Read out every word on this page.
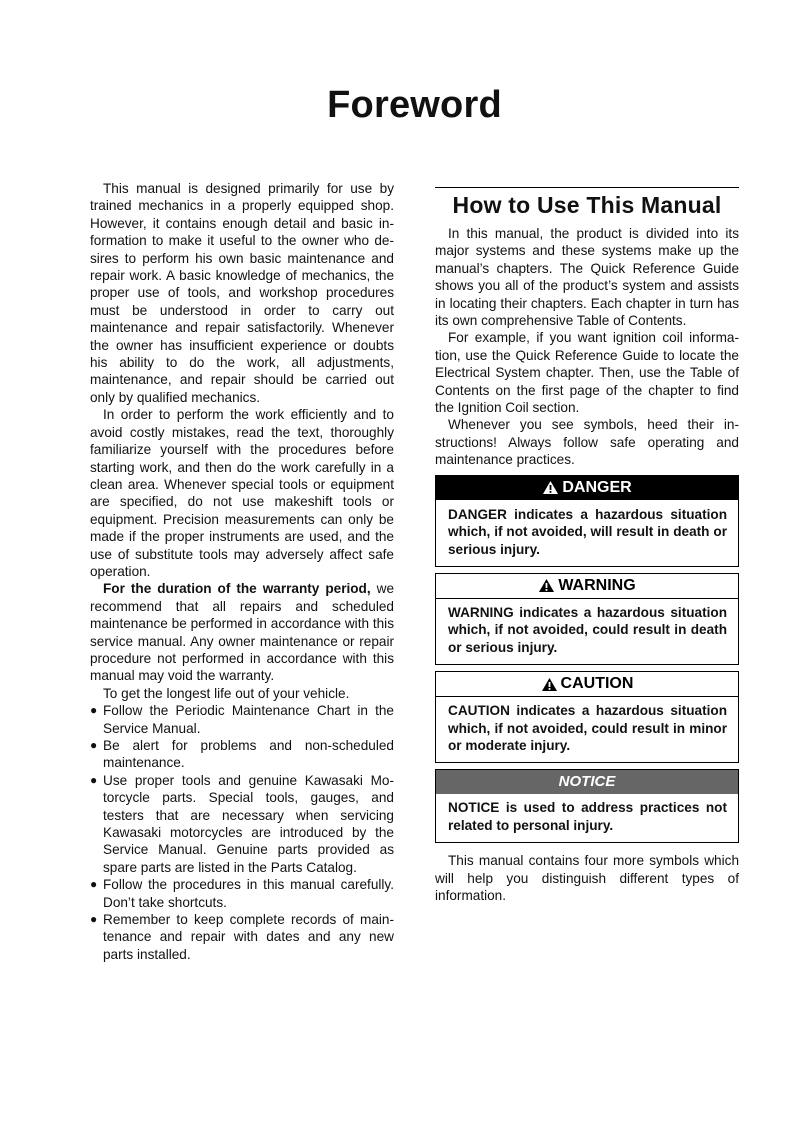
Foreword

This manual is designed primarily for use by trained mechanics in a properly equipped shop. However, it contains enough detail and basic information to make it useful to the owner who desires to perform his own basic maintenance and repair work. A basic knowledge of mechanics, the proper use of tools, and workshop procedures must be understood in order to carry out maintenance and repair satisfactorily. Whenever the owner has insufficient experience or doubts his ability to do the work, all adjustments, maintenance, and repair should be carried out only by qualified mechanics.

In order to perform the work efficiently and to avoid costly mistakes, read the text, thoroughly familiarize yourself with the procedures before starting work, and then do the work carefully in a clean area. Whenever special tools or equipment are specified, do not use makeshift tools or equipment. Precision measurements can only be made if the proper instruments are used, and the use of substitute tools may adversely affect safe operation.

For the duration of the warranty period, we recommend that all repairs and scheduled maintenance be performed in accordance with this service manual. Any owner maintenance or repair procedure not performed in accordance with this manual may void the warranty.

To get the longest life out of your vehicle.

● Follow the Periodic Maintenance Chart in the Service Manual.
● Be alert for problems and non-scheduled maintenance.
● Use proper tools and genuine Kawasaki Motorcycle parts. Special tools, gauges, and testers that are necessary when servicing Kawasaki motorcycles are introduced by the Service Manual. Genuine parts provided as spare parts are listed in the Parts Catalog.
● Follow the procedures in this manual carefully. Don’t take shortcuts.
● Remember to keep complete records of maintenance and repair with dates and any new parts installed.
How to Use This Manual

In this manual, the product is divided into its major systems and these systems make up the manual’s chapters. The Quick Reference Guide shows you all of the product’s system and assists in locating their chapters. Each chapter in turn has its own comprehensive Table of Contents.

For example, if you want ignition coil information, use the Quick Reference Guide to locate the Electrical System chapter. Then, use the Table of Contents on the first page of the chapter to find the Ignition Coil section.

Whenever you see symbols, heed their instructions! Always follow safe operating and maintenance practices.

DANGER
DANGER indicates a hazardous situation which, if not avoided, will result in death or serious injury.
WARNING
WARNING indicates a hazardous situation which, if not avoided, could result in death or serious injury.
CAUTION
CAUTION indicates a hazardous situation which, if not avoided, could result in minor or moderate injury.
NOTICE
NOTICE is used to address practices not related to personal injury.

This manual contains four more symbols which will help you distinguish different types of information.
